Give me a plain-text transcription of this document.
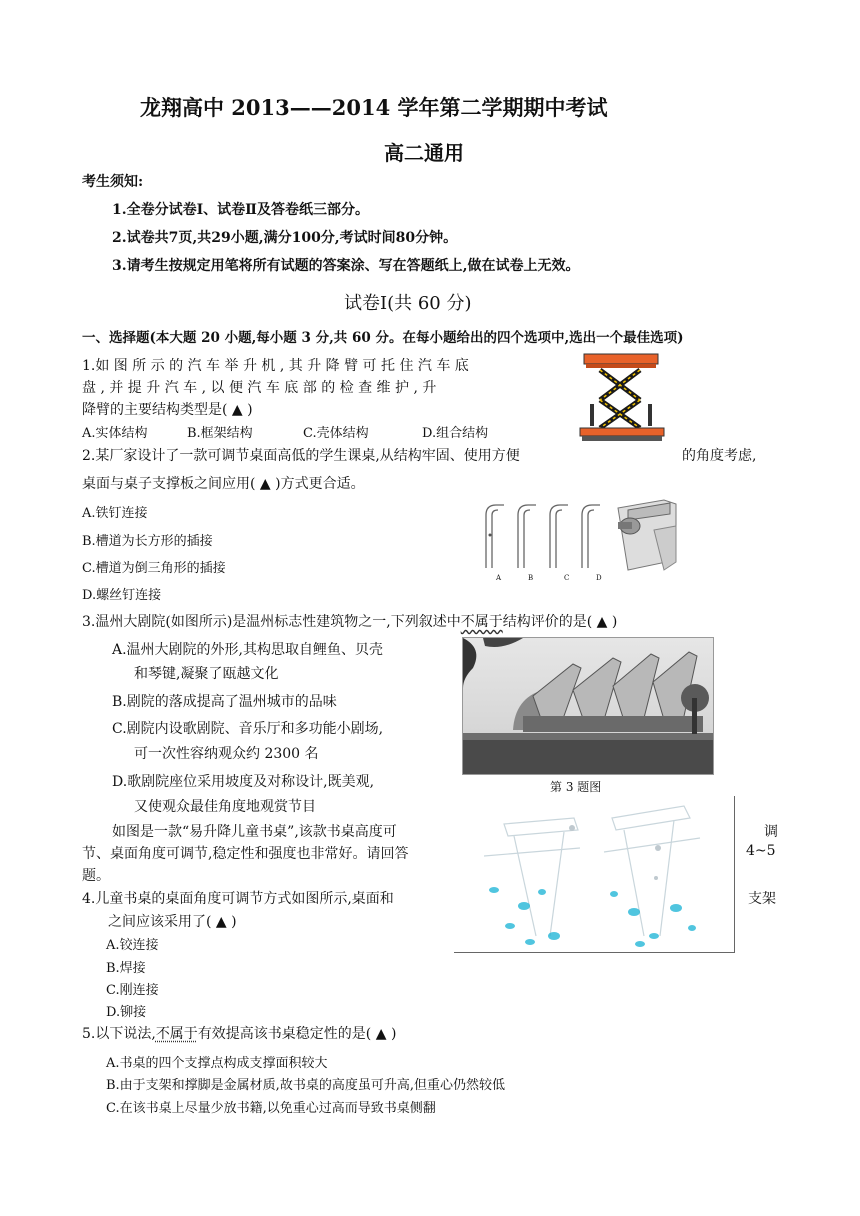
龙翔高中 2013——2014 学年第二学期期中考试
高二通用
考生须知:
1.全卷分试卷Ⅰ、试卷Ⅱ及答卷纸三部分。
2.试卷共7页,共29小题,满分100分,考试时间80分钟。
3.请考生按规定用笔将所有试题的答案涂、写在答题纸上,做在试卷上无效。
试卷Ⅰ(共 60 分)
一、选择题(本大题 20 小题,每小题 3 分,共 60 分。在每小题给出的四个选项中,选出一个最佳选项)
1.如 图 所 示 的 汽 车 举 升 机 , 其 升 降 臂 可 托 住 汽 车 底
盘 , 并 提 升 汽 车 , 以 便 汽 车 底 部 的 检 查 维 护 , 升
降臂的主要结构类型是( ▲ )
A.实体结构	B.框架结构	C.壳体结构	D.组合结构
2.某厂家设计了一款可调节桌面高低的学生课桌,从结构牢固、使用方便	的角度考虑,
桌面与桌子支撑板之间应用( ▲ )方式更合适。
A.铁钉连接
B.槽道为长方形的插接
C.槽道为倒三角形的插接
D.螺丝钉连接
A	B	C	D
3.温州大剧院(如图所示)是温州标志性建筑物之一,下列叙述中不属于结构评价的是( ▲ )
A.温州大剧院的外形,其构思取自鲤鱼、贝壳
和琴键,凝聚了瓯越文化
B.剧院的落成提高了温州城市的品味
C.剧院内设歌剧院、音乐厅和多功能小剧场,
可一次性容纳观众约 2300 名
D.歌剧院座位采用坡度及对称设计,既美观,
又使观众最佳角度地观赏节目
第 3 题图
如图是一款“易升降儿童书桌”,该款书桌高度可	调
节、桌面角度可调节,稳定性和强度也非常好。请回答	4~5
题。
4.儿童书桌的桌面角度可调节方式如图所示,桌面和	支架
之间应该采用了( ▲ )
A.铰连接
B.焊接
C.刚连接
D.铆接
5.以下说法,不属于有效提高该书桌稳定性的是( ▲ )
A.书桌的四个支撑点构成支撑面积较大
B.由于支架和撑脚是金属材质,故书桌的高度虽可升高,但重心仍然较低
C.在该书桌上尽量少放书籍,以免重心过高而导致书桌侧翻
